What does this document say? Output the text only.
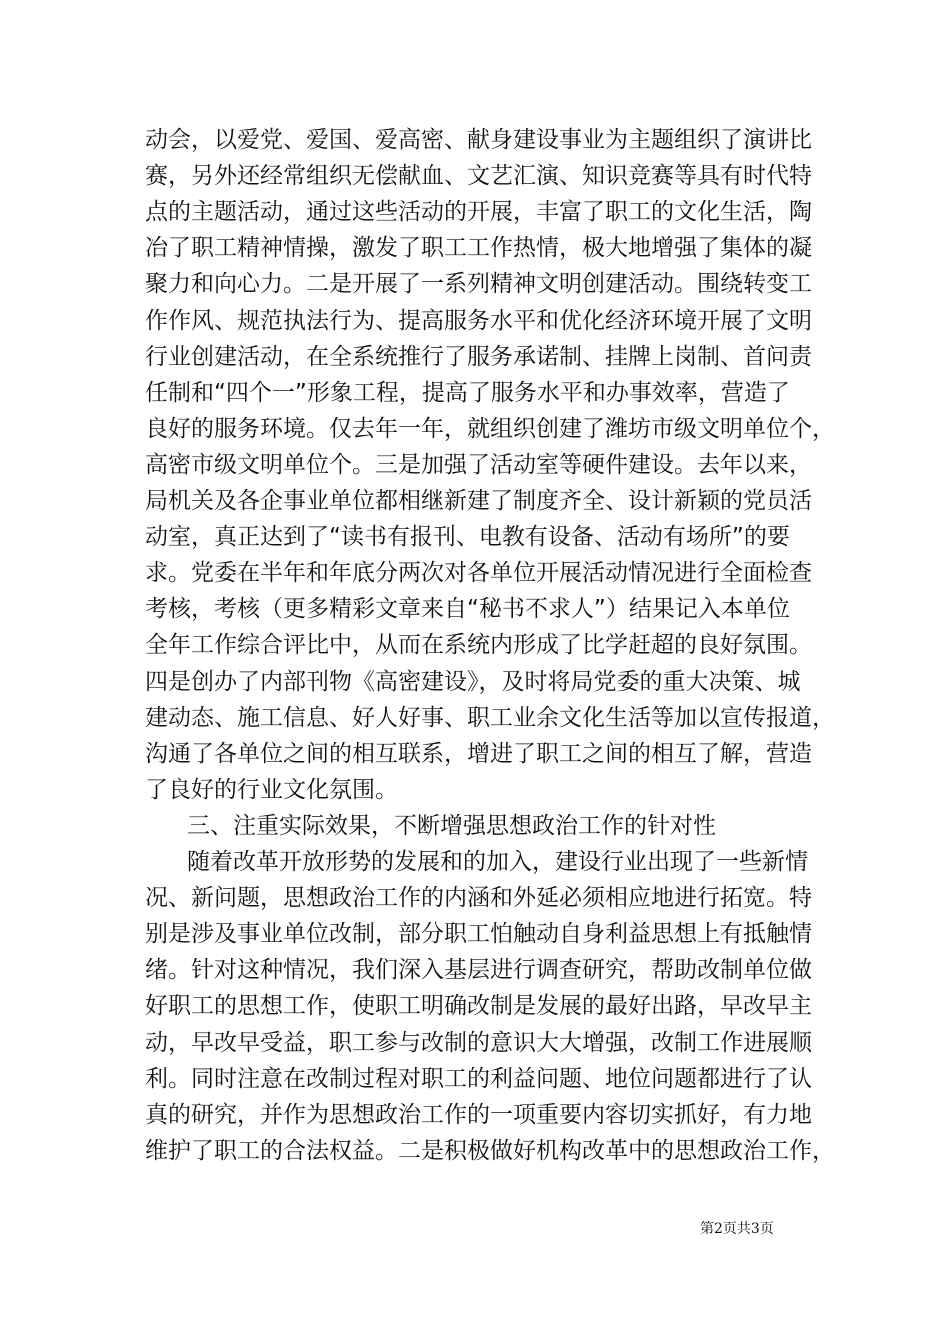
动会，以爱党、爱国、爱高密、献身建设事业为主题组织了演讲比
赛，另外还经常组织无偿献血、文艺汇演、知识竞赛等具有时代特
点的主题活动，通过这些活动的开展，丰富了职工的文化生活，陶
冶了职工精神情操，激发了职工工作热情，极大地增强了集体的凝
聚力和向心力。二是开展了一系列精神文明创建活动。围绕转变工
作作风、规范执法行为、提高服务水平和优化经济环境开展了文明
行业创建活动，在全系统推行了服务承诺制、挂牌上岗制、首问责
任制和“四个一”形象工程，提高了服务水平和办事效率，营造了
良好的服务环境。仅去年一年，就组织创建了潍坊市级文明单位个，
高密市级文明单位个。三是加强了活动室等硬件建设。去年以来，
局机关及各企事业单位都相继新建了制度齐全、设计新颖的党员活
动室，真正达到了“读书有报刊、电教有设备、活动有场所”的要
求。党委在半年和年底分两次对各单位开展活动情况进行全面检查
考核，考核（更多精彩文章来自“秘书不求人”）结果记入本单位
全年工作综合评比中，从而在系统内形成了比学赶超的良好氛围。
四是创办了内部刊物《高密建设》，及时将局党委的重大决策、城
建动态、施工信息、好人好事、职工业余文化生活等加以宣传报道，
沟通了各单位之间的相互联系，增进了职工之间的相互了解，营造
了良好的行业文化氛围。
三、注重实际效果，不断增强思想政治工作的针对性
随着改革开放形势的发展和的加入，建设行业出现了一些新情
况、新问题，思想政治工作的内涵和外延必须相应地进行拓宽。特
别是涉及事业单位改制，部分职工怕触动自身利益思想上有抵触情
绪。针对这种情况，我们深入基层进行调查研究，帮助改制单位做
好职工的思想工作，使职工明确改制是发展的最好出路，早改早主
动，早改早受益，职工参与改制的意识大大增强，改制工作进展顺
利。同时注意在改制过程对职工的利益问题、地位问题都进行了认
真的研究，并作为思想政治工作的一项重要内容切实抓好，有力地
维护了职工的合法权益。二是积极做好机构改革中的思想政治工作，
第2页共3页
